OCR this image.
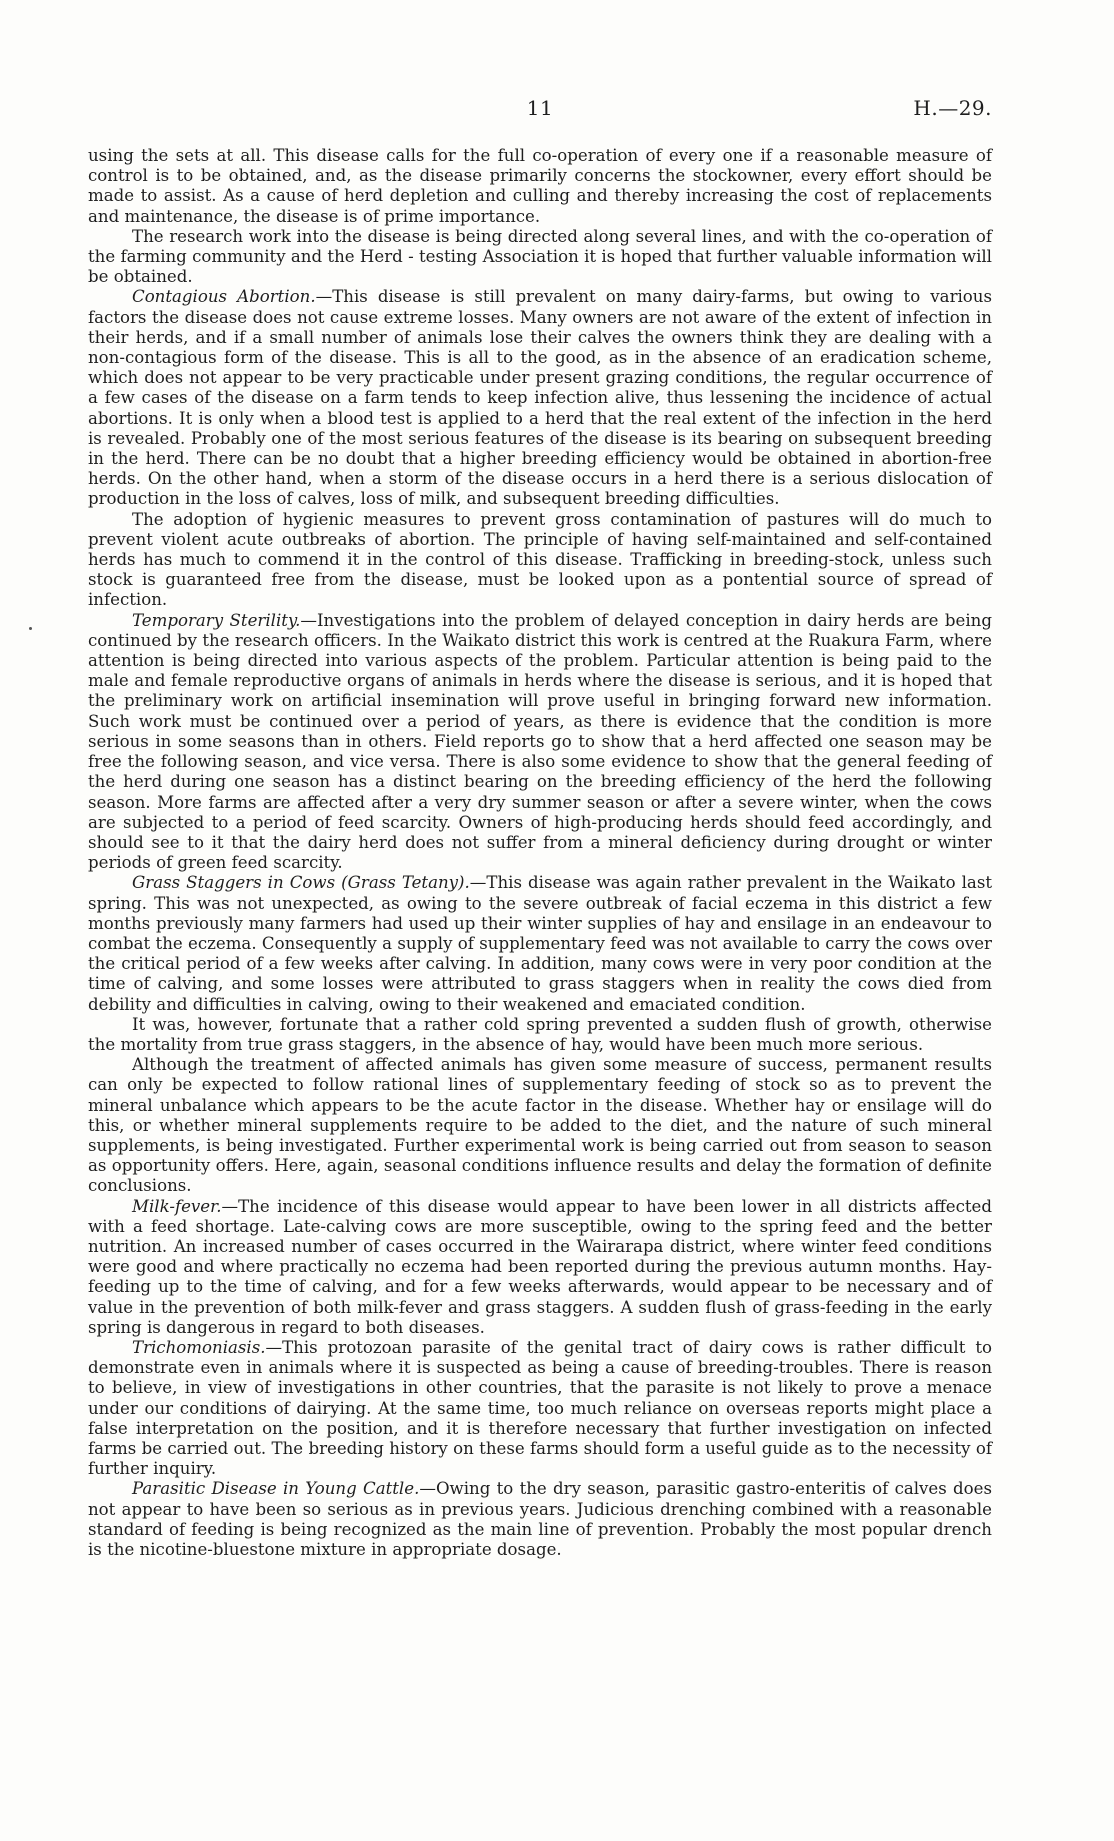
11	H.—29.

using the sets at all. This disease calls for the full co-operation of every one if a reasonable measure of control is to be obtained, and, as the disease primarily concerns the stockowner, every effort should be made to assist. As a cause of herd depletion and culling and thereby increasing the cost of replacements and maintenance, the disease is of prime importance.

The research work into the disease is being directed along several lines, and with the co-operation of the farming community and the Herd - testing Association it is hoped that further valuable information will be obtained.

Contagious Abortion.—This disease is still prevalent on many dairy-farms, but owing to various factors the disease does not cause extreme losses. Many owners are not aware of the extent of infection in their herds, and if a small number of animals lose their calves the owners think they are dealing with a non-contagious form of the disease. This is all to the good, as in the absence of an eradication scheme, which does not appear to be very practicable under present grazing conditions, the regular occurrence of a few cases of the disease on a farm tends to keep infection alive, thus lessening the incidence of actual abortions. It is only when a blood test is applied to a herd that the real extent of the infection in the herd is revealed. Probably one of the most serious features of the disease is its bearing on subsequent breeding in the herd. There can be no doubt that a higher breeding efficiency would be obtained in abortion-free herds. On the other hand, when a storm of the disease occurs in a herd there is a serious dislocation of production in the loss of calves, loss of milk, and subsequent breeding difficulties.

The adoption of hygienic measures to prevent gross contamination of pastures will do much to prevent violent acute outbreaks of abortion. The principle of having self-maintained and self-contained herds has much to commend it in the control of this disease. Trafficking in breeding-stock, unless such stock is guaranteed free from the disease, must be looked upon as a pontential source of spread of infection.

Temporary Sterility.—Investigations into the problem of delayed conception in dairy herds are being continued by the research officers. In the Waikato district this work is centred at the Ruakura Farm, where attention is being directed into various aspects of the problem. Particular attention is being paid to the male and female reproductive organs of animals in herds where the disease is serious, and it is hoped that the preliminary work on artificial insemination will prove useful in bringing forward new information. Such work must be continued over a period of years, as there is evidence that the condition is more serious in some seasons than in others. Field reports go to show that a herd affected one season may be free the following season, and vice versa. There is also some evidence to show that the general feeding of the herd during one season has a distinct bearing on the breeding efficiency of the herd the following season. More farms are affected after a very dry summer season or after a severe winter, when the cows are subjected to a period of feed scarcity. Owners of high-producing herds should feed accordingly, and should see to it that the dairy herd does not suffer from a mineral deficiency during drought or winter periods of green feed scarcity.

Grass Staggers in Cows (Grass Tetany).—This disease was again rather prevalent in the Waikato last spring. This was not unexpected, as owing to the severe outbreak of facial eczema in this district a few months previously many farmers had used up their winter supplies of hay and ensilage in an endeavour to combat the eczema. Consequently a supply of supplementary feed was not available to carry the cows over the critical period of a few weeks after calving. In addition, many cows were in very poor condition at the time of calving, and some losses were attributed to grass staggers when in reality the cows died from debility and difficulties in calving, owing to their weakened and emaciated condition.

It was, however, fortunate that a rather cold spring prevented a sudden flush of growth, otherwise the mortality from true grass staggers, in the absence of hay, would have been much more serious.

Although the treatment of affected animals has given some measure of success, permanent results can only be expected to follow rational lines of supplementary feeding of stock so as to prevent the mineral unbalance which appears to be the acute factor in the disease. Whether hay or ensilage will do this, or whether mineral supplements require to be added to the diet, and the nature of such mineral supplements, is being investigated. Further experimental work is being carried out from season to season as opportunity offers. Here, again, seasonal conditions influence results and delay the formation of definite conclusions.

Milk-fever.—The incidence of this disease would appear to have been lower in all districts affected with a feed shortage. Late-calving cows are more susceptible, owing to the spring feed and the better nutrition. An increased number of cases occurred in the Wairarapa district, where winter feed conditions were good and where practically no eczema had been reported during the previous autumn months. Hay-feeding up to the time of calving, and for a few weeks afterwards, would appear to be necessary and of value in the prevention of both milk-fever and grass staggers. A sudden flush of grass-feeding in the early spring is dangerous in regard to both diseases.

Trichomoniasis.—This protozoan parasite of the genital tract of dairy cows is rather difficult to demonstrate even in animals where it is suspected as being a cause of breeding-troubles. There is reason to believe, in view of investigations in other countries, that the parasite is not likely to prove a menace under our conditions of dairying. At the same time, too much reliance on overseas reports might place a false interpretation on the position, and it is therefore necessary that further investigation on infected farms be carried out. The breeding history on these farms should form a useful guide as to the necessity of further inquiry.

Parasitic Disease in Young Cattle.—Owing to the dry season, parasitic gastro-enteritis of calves does not appear to have been so serious as in previous years. Judicious drenching combined with a reasonable standard of feeding is being recognized as the main line of prevention. Probably the most popular drench is the nicotine-bluestone mixture in appropriate dosage.
